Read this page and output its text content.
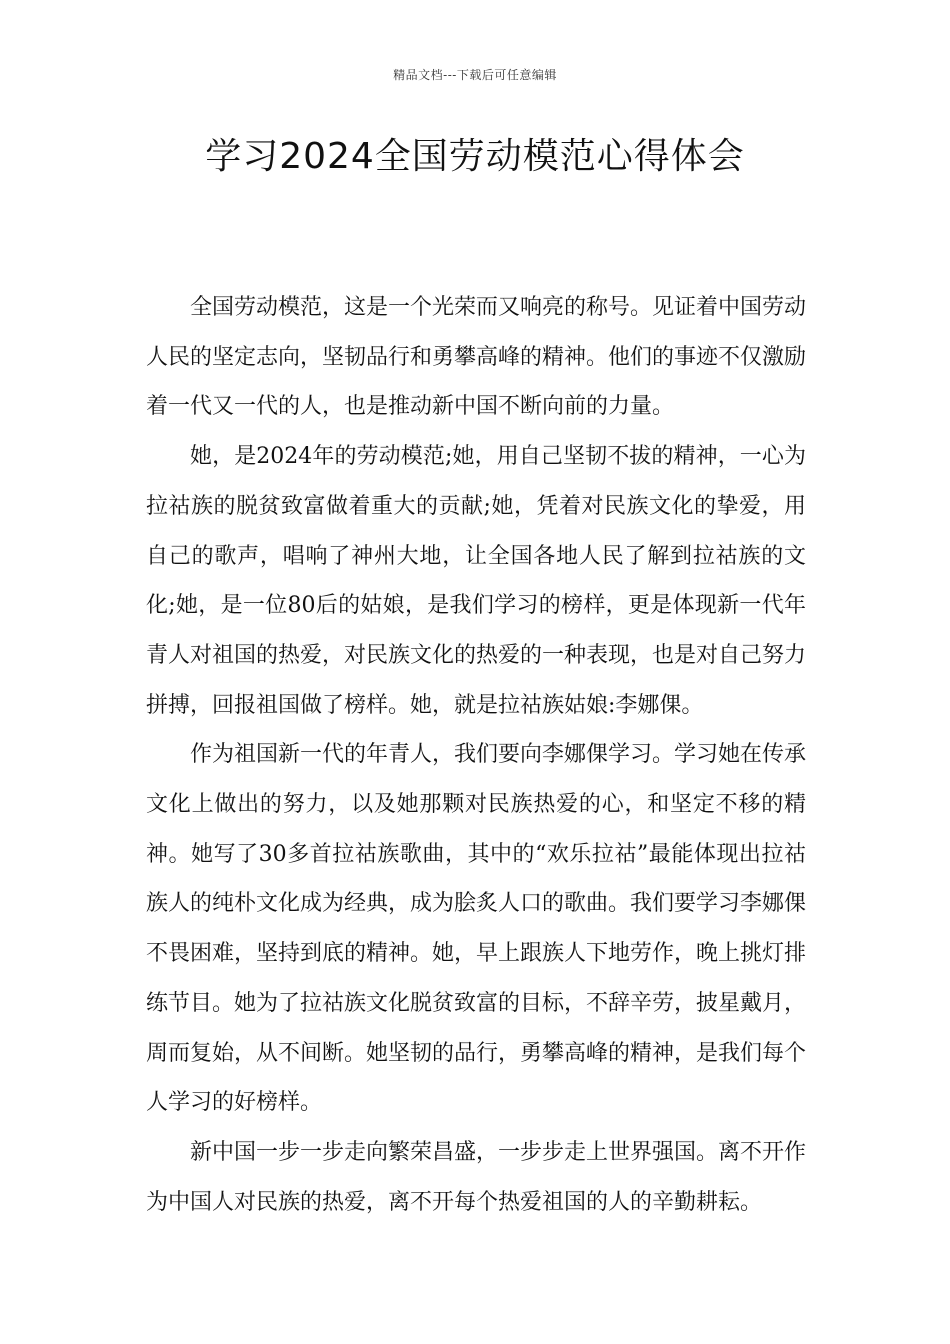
精品文档---下载后可任意编辑
学习2024全国劳动模范心得体会

全国劳动模范，这是一个光荣而又响亮的称号。见证着中国劳动人民的坚定志向，坚韧品行和勇攀高峰的精神。他们的事迹不仅激励着一代又一代的人，也是推动新中国不断向前的力量。

她，是2024年的劳动模范;她，用自己坚韧不拔的精神，一心为拉祜族的脱贫致富做着重大的贡献;她，凭着对民族文化的挚爱，用自己的歌声，唱响了神州大地，让全国各地人民了解到拉祜族的文化;她，是一位80后的姑娘，是我们学习的榜样，更是体现新一代年青人对祖国的热爱，对民族文化的热爱的一种表现，也是对自己努力拼搏，回报祖国做了榜样。她，就是拉祜族姑娘:李娜倮。

作为祖国新一代的年青人，我们要向李娜倮学习。学习她在传承文化上做出的努力，以及她那颗对民族热爱的心，和坚定不移的精神。她写了30多首拉祜族歌曲，其中的“欢乐拉祜”最能体现出拉祜族人的纯朴文化成为经典，成为脍炙人口的歌曲。我们要学习李娜倮不畏困难，坚持到底的精神。她，早上跟族人下地劳作，晚上挑灯排练节目。她为了拉祜族文化脱贫致富的目标，不辞辛劳，披星戴月，周而复始，从不间断。她坚韧的品行，勇攀高峰的精神，是我们每个人学习的好榜样。

新中国一步一步走向繁荣昌盛，一步步走上世界强国。离不开作为中国人对民族的热爱，离不开每个热爱祖国的人的辛勤耕耘。
